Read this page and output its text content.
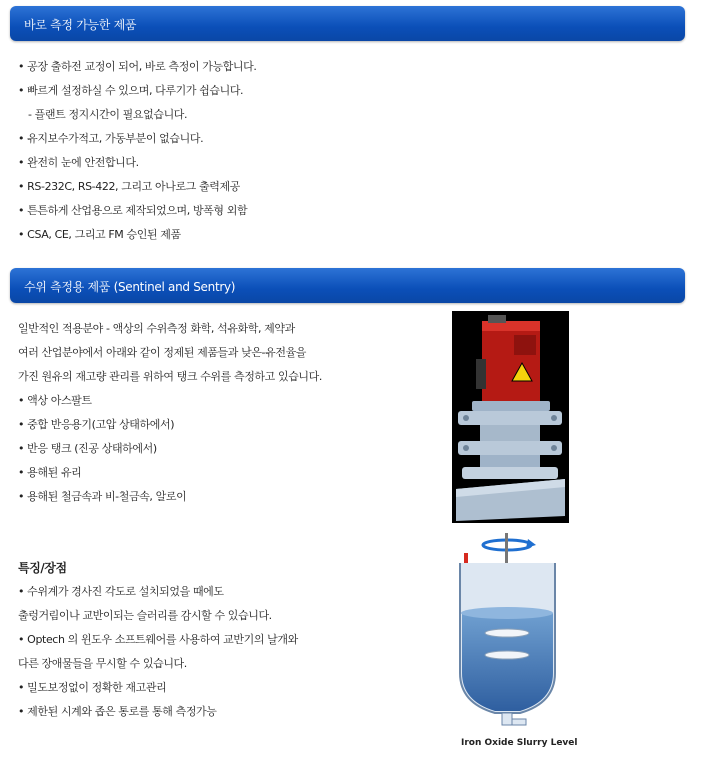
바로 측정 가능한 제품
• 공장 출하전 교정이 되어, 바로 측정이 가능합니다.
• 빠르게 설정하실 수 있으며, 다루기가 쉽습니다.
- 플랜트 정지시간이 필요없습니다.
• 유지보수가적고, 가동부분이 없습니다.
• 완전히 눈에 안전합니다.
• RS-232C, RS-422, 그리고 아나로그 출력제공
• 튼튼하게 산업용으로 제작되었으며, 방폭형 외함
• CSA, CE, 그리고 FM 승인된 제품
수위 측정용 제품 (Sentinel and Sentry)
일반적인 적용분야 - 액상의 수위측정 화학, 석유화학, 제약과
여러 산업분야에서 아래와 같이 정제된 제품들과 낮은-유전율을
가진 원유의 재고량 관리를 위하여 탱크 수위를 측정하고 있습니다.
• 액상 아스팔트
• 중합 반응용기(고압 상태하에서)
• 반응 탱크 (진공 상태하에서)
• 용해된 유리
• 용해된 철금속과 비-철금속, 알로이
특징/장점
• 수위계가 경사진 각도로 설치되었을 때에도
출렁거림이나 교반이되는 슬러리를 감시할 수 있습니다.
• Optech 의 윈도우 소프트웨어를 사용하여 교반기의 날개와
다른 장애물들을 무시할 수 있습니다.
• 밀도보정없이 정확한 재고관리
• 제한된 시계와 좁은 통로를 통해 측정가능
Iron Oxide Slurry Level
